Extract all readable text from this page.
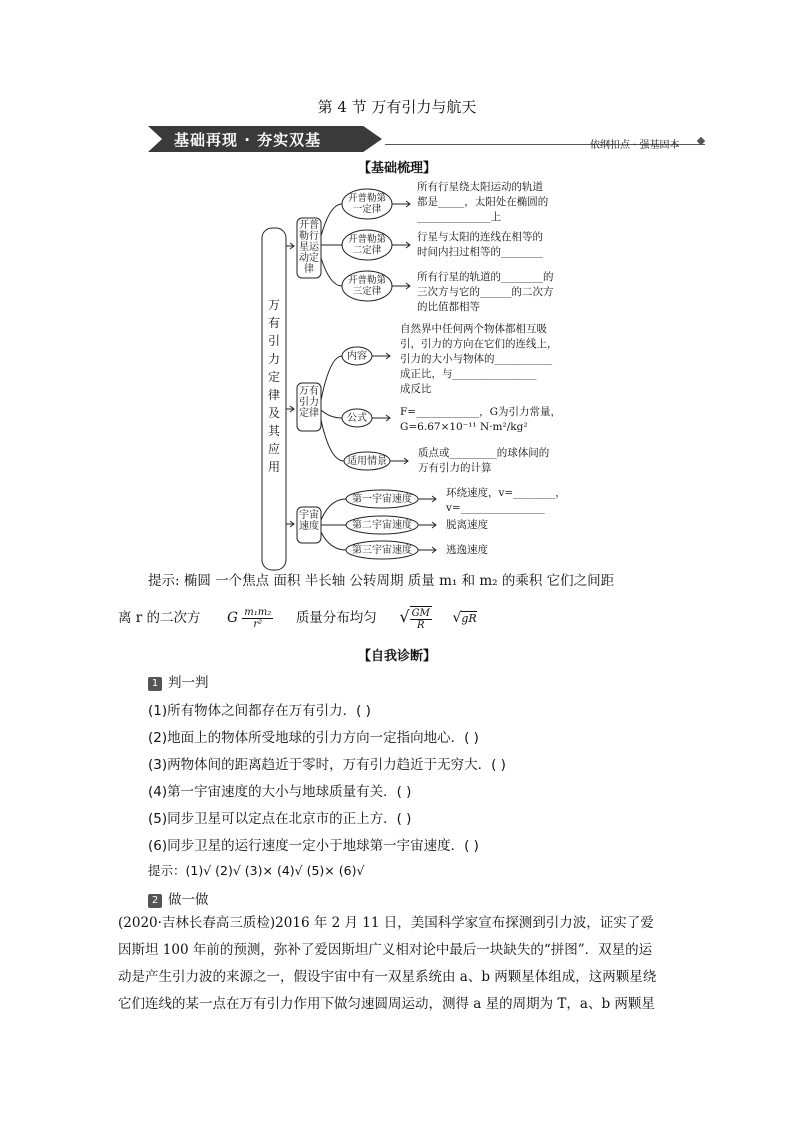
第 4 节 万有引力与航天
基础再现 · 夯实双基	依纲扣点 · 强基固本
【基础梳理】
万有引力定律及其应用
开普勒行星运动定律
万有引力定律
宇宙速度
开普勒第一定律
开普勒第二定律
开普勒第三定律
所有行星绕太阳运动的轨道
都是_____，太阳处在椭圆的
______________上
行星与太阳的连线在相等的
时间内扫过相等的________
所有行星的轨道的________的
三次方与它的______的二次方
的比值都相等
内容
公式
适用情景
自然界中任何两个物体都相互吸
引，引力的方向在它们的连线上，
引力的大小与物体的___________
成正比，与________________
成反比
F=____________，G为引力常量，
G=6.67×10⁻¹¹ N·m²/kg²
质点或_________的球体间的
万有引力的计算
第一宇宙速度
第二宇宙速度
第三宇宙速度
环绕速度，v=________，
v=________________
脱离速度
逃逸速度
提示: 椭圆 一个焦点 面积 半长轴 公转周期 质量 m₁ 和 m₂ 的乘积 它们之间距
离 r 的二次方 G $\frac{\text{m₁m₂}}{\text{r²}}$ 质量分布均匀 √ $\frac{GM}{R} √gR$
【自我诊断】
1 判一判
(1)所有物体之间都存在万有引力．( )
(2)地面上的物体所受地球的引力方向一定指向地心．( )
(3)两物体间的距离趋近于零时，万有引力趋近于无穷大．( )
(4)第一宇宙速度的大小与地球质量有关．( )
(5)同步卫星可以定点在北京市的正上方．( )
(6)同步卫星的运行速度一定小于地球第一宇宙速度．( )
提示：(1)√ (2)√ (3)× (4)√ (5)× (6)√
2 做一做
(2020·吉林长春高三质检)2016 年 2 月 11 日，美国科学家宣布探测到引力波，证实了爱
因斯坦 100 年前的预测，弥补了爱因斯坦广义相对论中最后一块缺失的“拼图”．双星的运
动是产生引力波的来源之一，假设宇宙中有一双星系统由 a、b 两颗星体组成，这两颗星绕
它们连线的某一点在万有引力作用下做匀速圆周运动，测得 a 星的周期为 T，a、b 两颗星
